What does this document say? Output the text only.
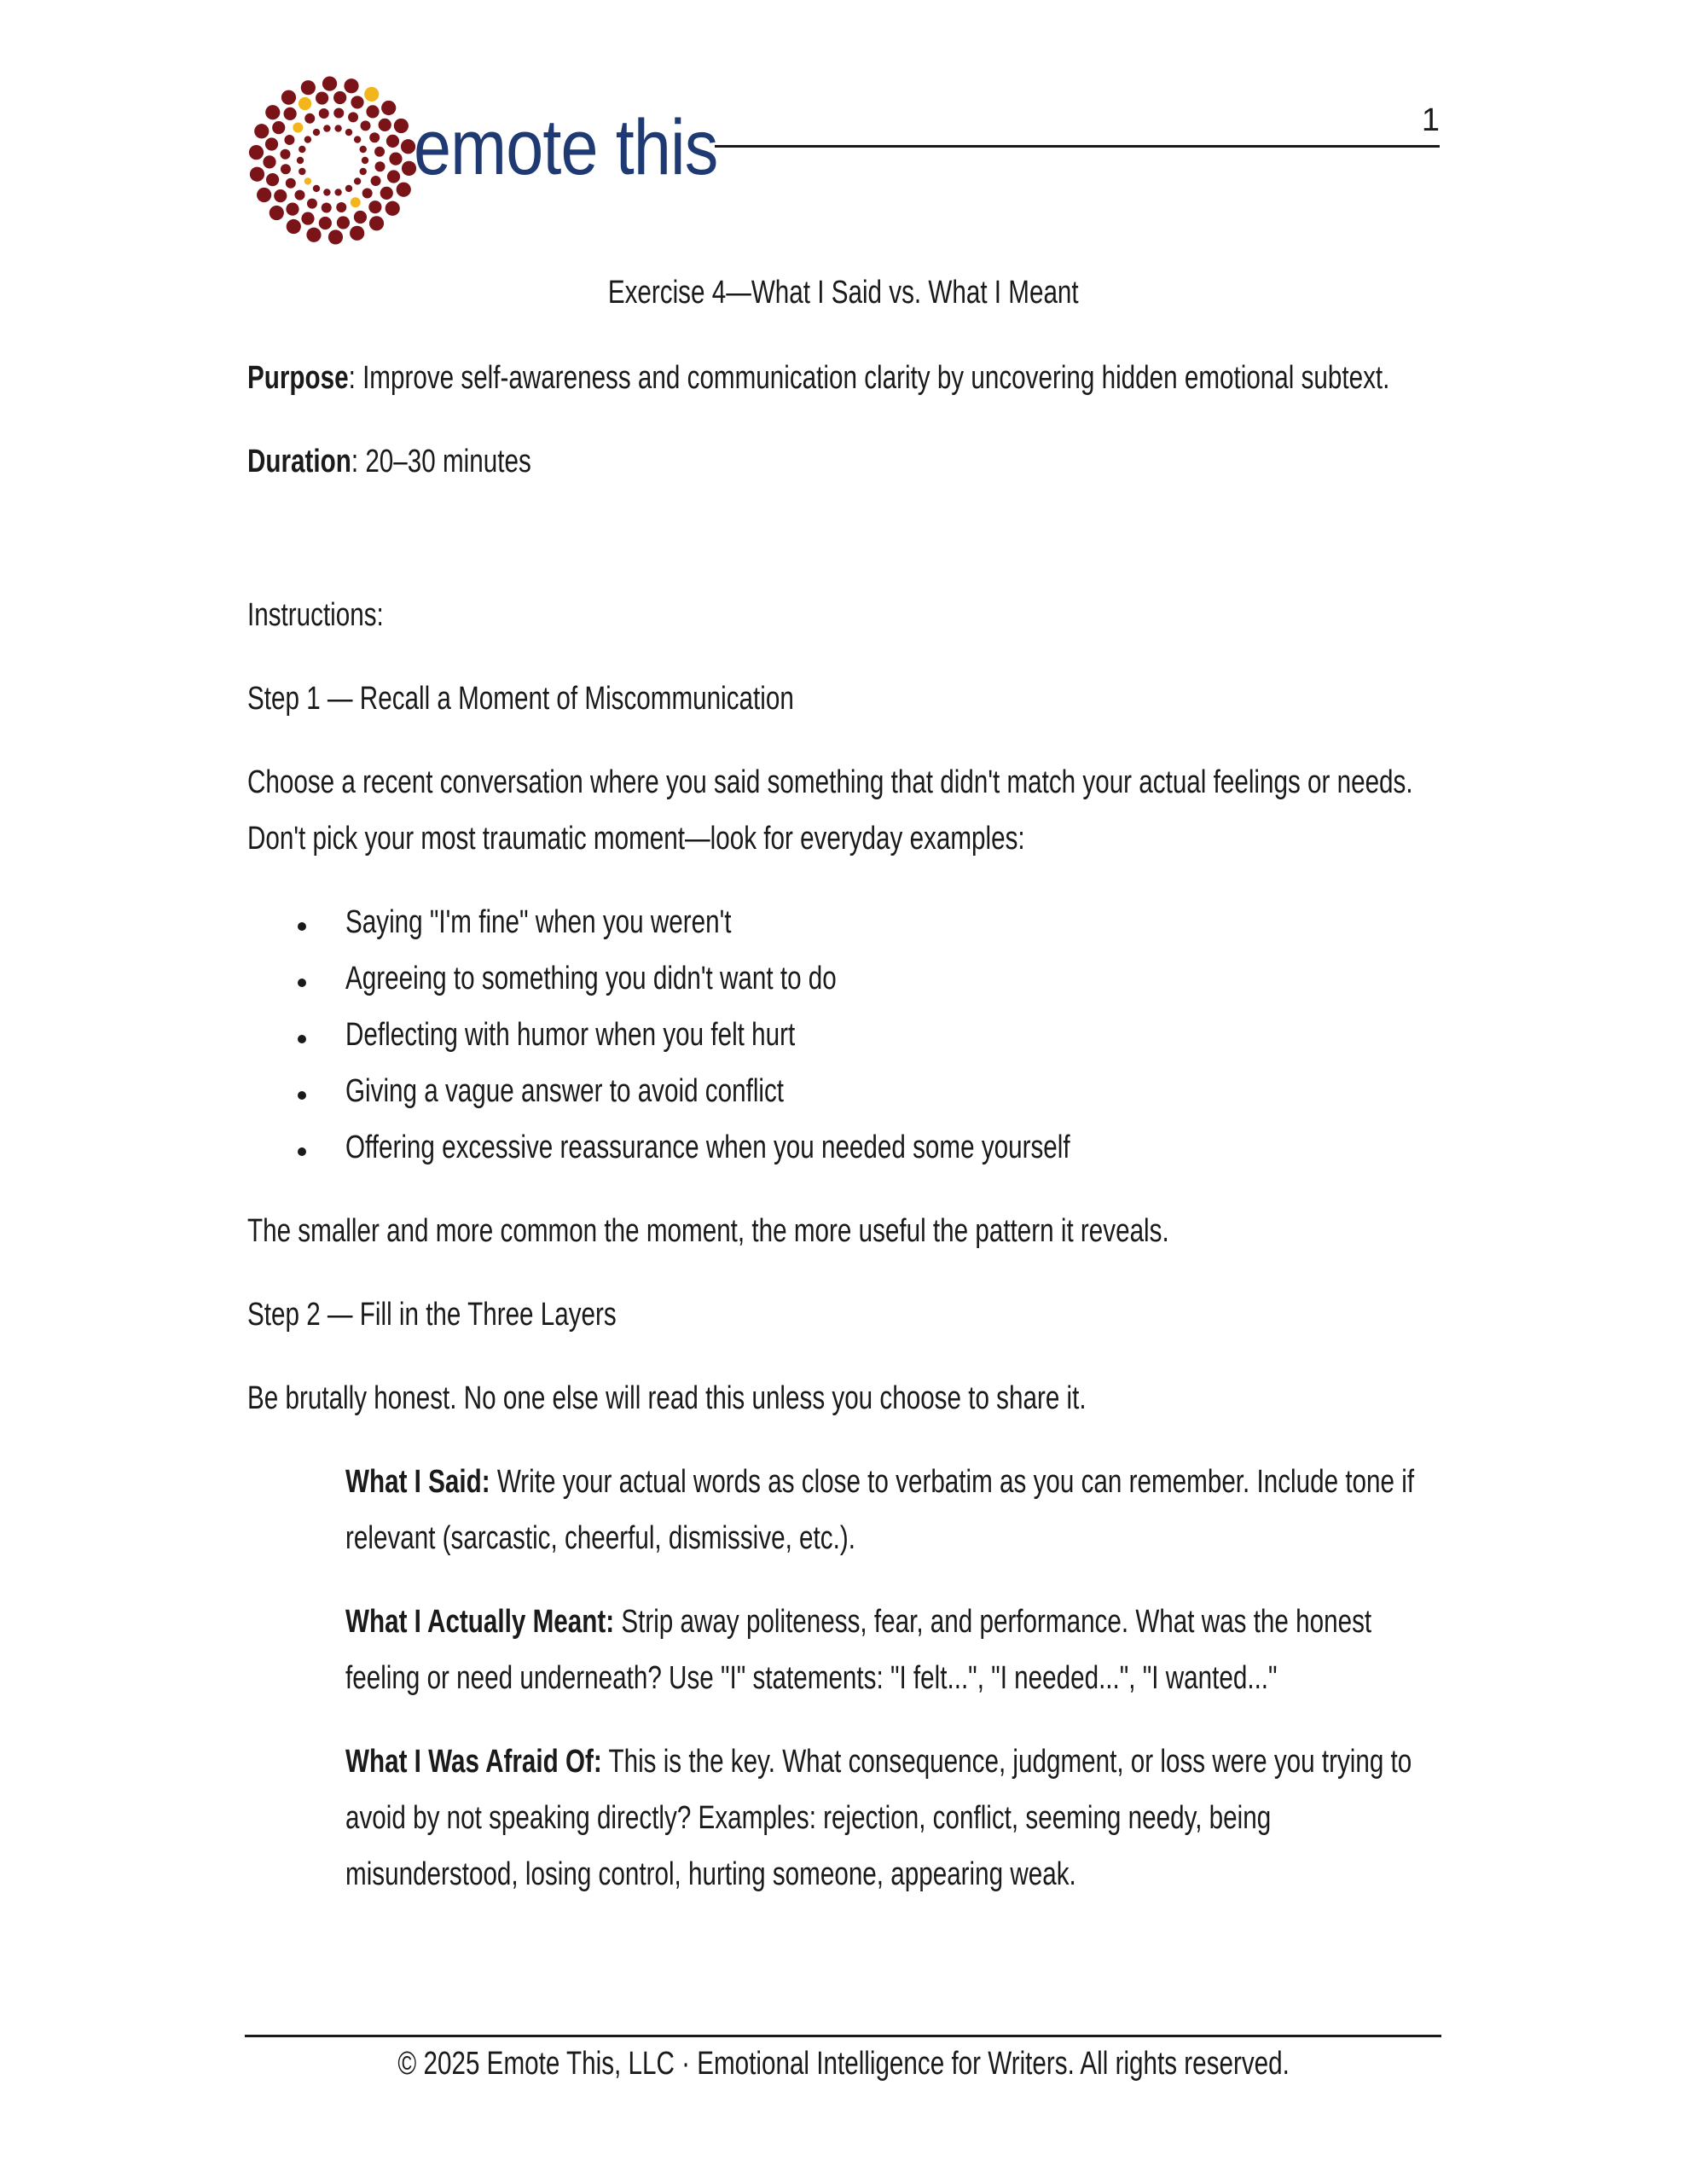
emote this	1
Exercise 4—What I Said vs. What I Meant
Purpose: Improve self-awareness and communication clarity by uncovering hidden emotional subtext.
Duration: 20–30 minutes
Instructions:
Step 1 — Recall a Moment of Miscommunication
Choose a recent conversation where you said something that didn't match your actual feelings or needs.
Don't pick your most traumatic moment—look for everyday examples:
Saying "I'm fine" when you weren't
Agreeing to something you didn't want to do
Deflecting with humor when you felt hurt
Giving a vague answer to avoid conflict
Offering excessive reassurance when you needed some yourself
The smaller and more common the moment, the more useful the pattern it reveals.
Step 2 — Fill in the Three Layers
Be brutally honest. No one else will read this unless you choose to share it.
What I Said: Write your actual words as close to verbatim as you can remember. Include tone if
relevant (sarcastic, cheerful, dismissive, etc.).
What I Actually Meant: Strip away politeness, fear, and performance. What was the honest
feeling or need underneath? Use "I" statements: "I felt...", "I needed...", "I wanted..."
What I Was Afraid Of: This is the key. What consequence, judgment, or loss were you trying to
avoid by not speaking directly? Examples: rejection, conflict, seeming needy, being
misunderstood, losing control, hurting someone, appearing weak.
© 2025 Emote This, LLC · Emotional Intelligence for Writers. All rights reserved.
